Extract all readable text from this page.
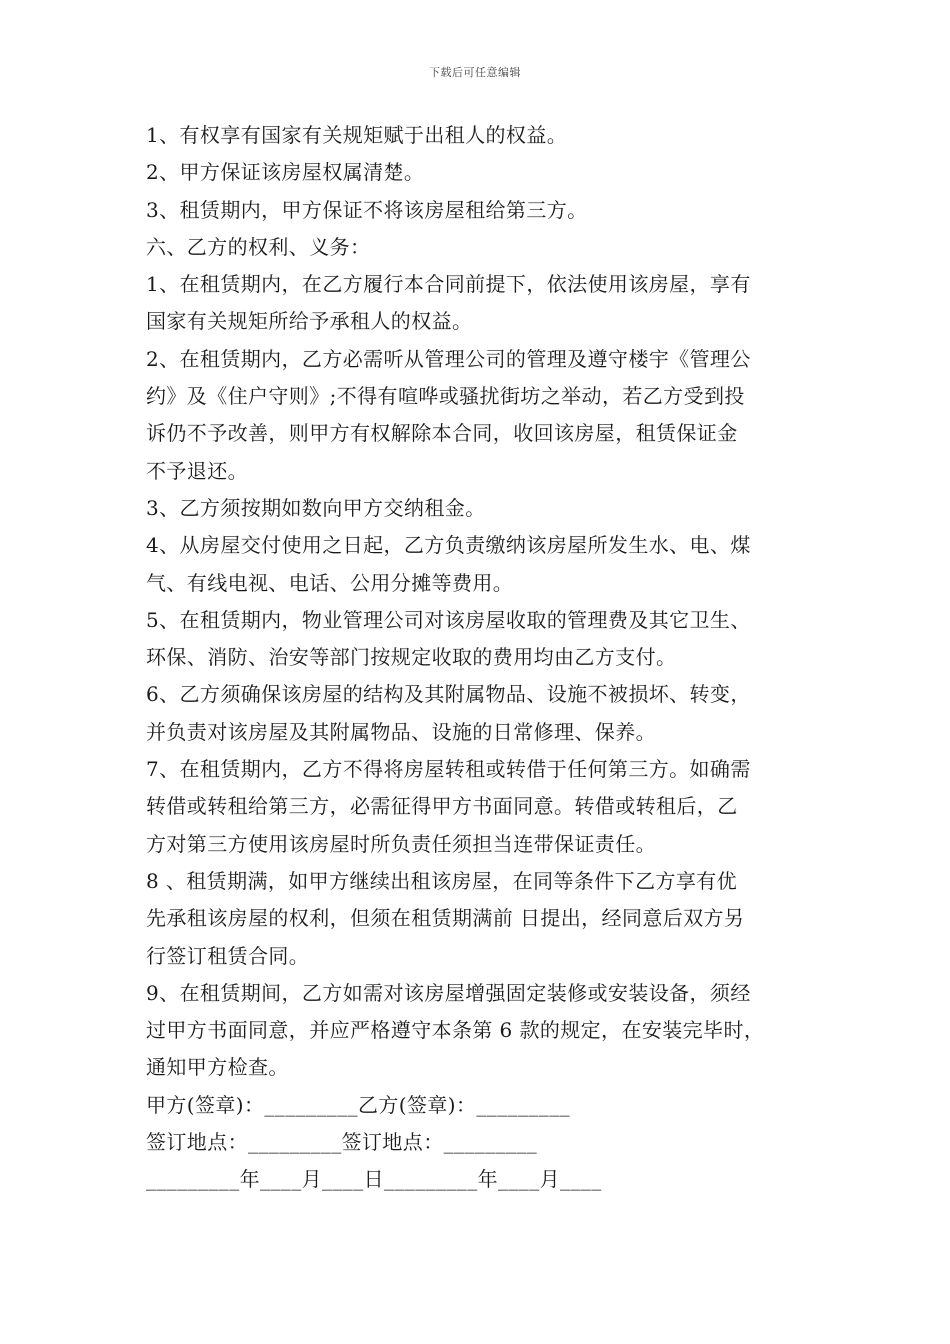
下载后可任意编辑
1、有权享有国家有关规矩赋于出租人的权益。
2、甲方保证该房屋权属清楚。
3、租赁期内，甲方保证不将该房屋租给第三方。
六、乙方的权利、义务：
1、在租赁期内，在乙方履行本合同前提下，依法使用该房屋，享有
国家有关规矩所给予承租人的权益。
2、在租赁期内，乙方必需听从管理公司的管理及遵守楼宇《管理公
约》及《住户守则》;不得有喧哗或骚扰街坊之举动，若乙方受到投
诉仍不予改善，则甲方有权解除本合同，收回该房屋，租赁保证金
不予退还。
3、乙方须按期如数向甲方交纳租金。
4、从房屋交付使用之日起，乙方负责缴纳该房屋所发生水、电、煤
气、有线电视、电话、公用分摊等费用。
5、在租赁期内，物业管理公司对该房屋收取的管理费及其它卫生、
环保、消防、治安等部门按规定收取的费用均由乙方支付。
6、乙方须确保该房屋的结构及其附属物品、设施不被损坏、转变，
并负责对该房屋及其附属物品、设施的日常修理、保养。
7、在租赁期内，乙方不得将房屋转租或转借于任何第三方。如确需
转借或转租给第三方，必需征得甲方书面同意。转借或转租后，乙
方对第三方使用该房屋时所负责任须担当连带保证责任。
8 、租赁期满，如甲方继续出租该房屋，在同等条件下乙方享有优
先承租该房屋的权利，但须在租赁期满前 日提出，经同意后双方另
行签订租赁合同。
9、在租赁期间，乙方如需对该房屋增强固定装修或安装设备，须经
过甲方书面同意，并应严格遵守本条第 6 款的规定，在安装完毕时，
通知甲方检查。
甲方(签章)：_________乙方(签章)：_________
签订地点：_________签订地点：_________
_________年____月____日_________年____月____
